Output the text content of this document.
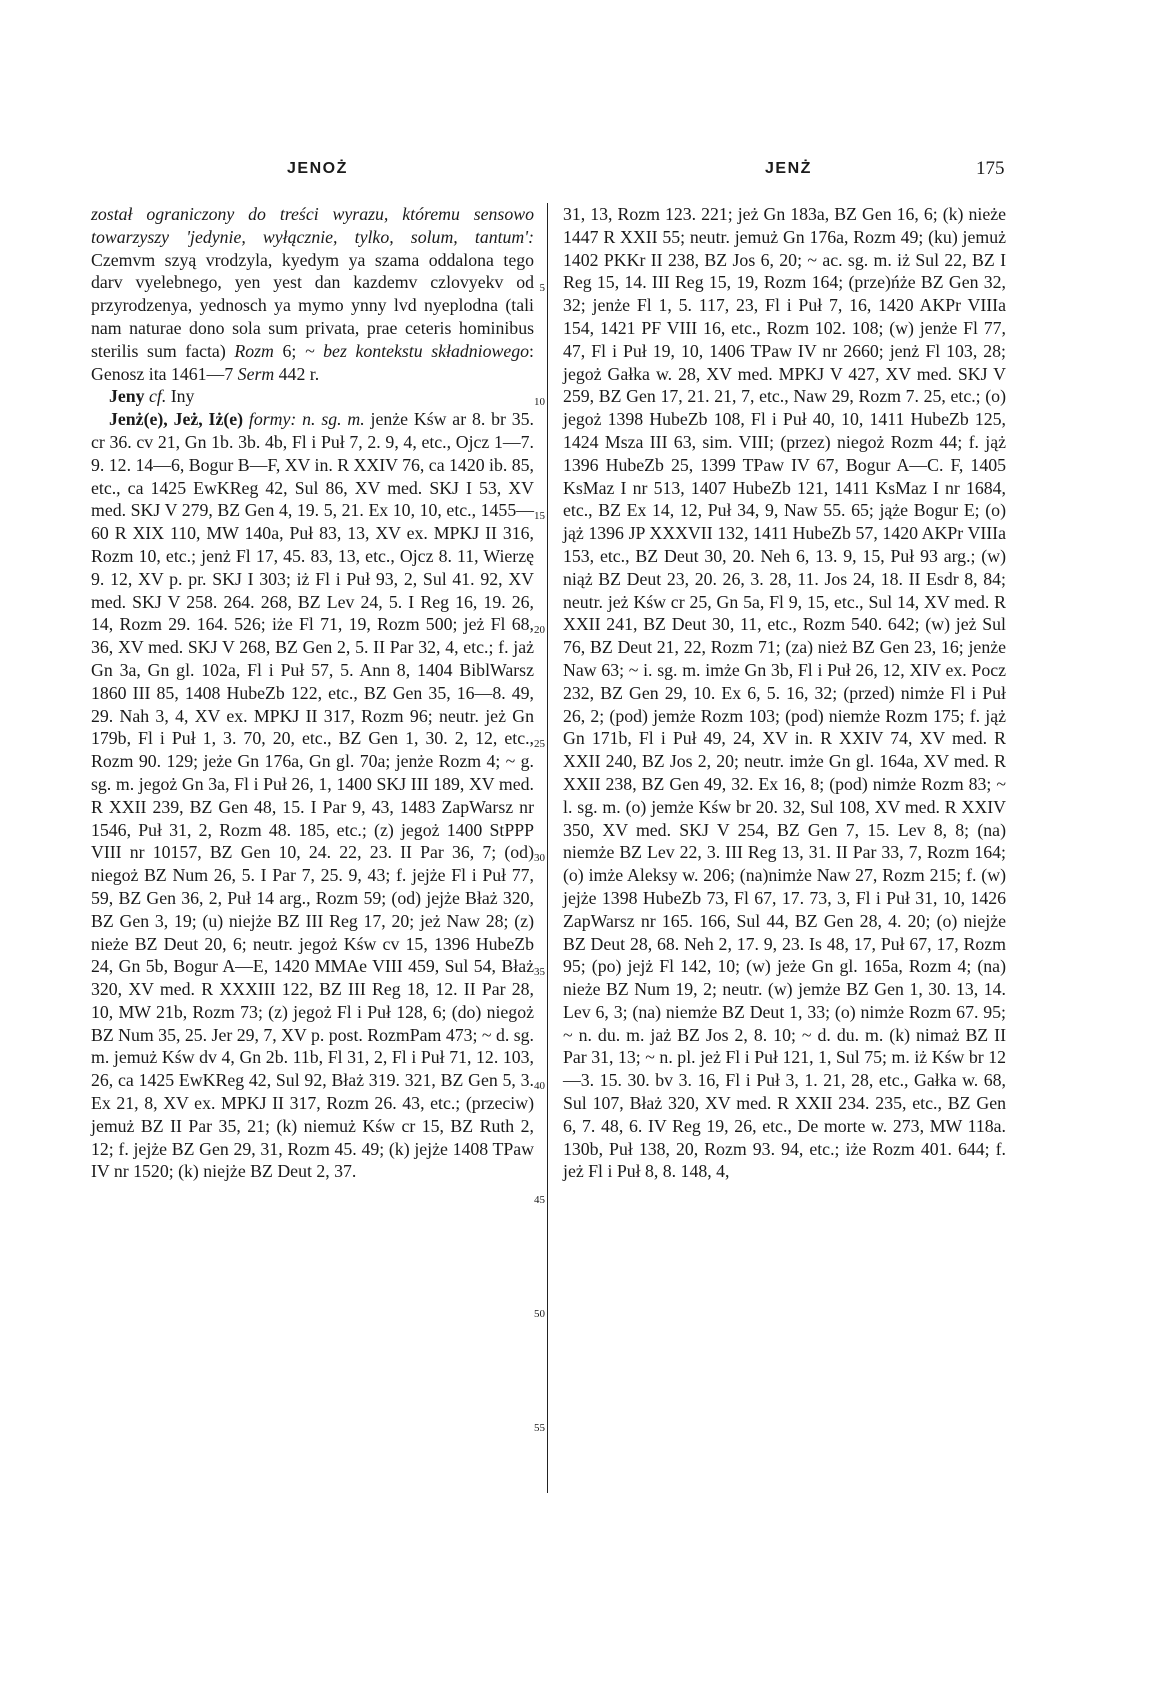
JENOŻ	JENŻ	175

został ograniczony do treści wyrazu, któremu sensowo towarzyszy 'jedynie, wyłącznie, tylko, solum, tantum': Czemvm szyą vrodzyla, kyedym ya szama oddalona tego darv vyelebnego, yen yest dan kazdemv czlovyekv od przyrodzenya, yednosch ya mymo ynny lvd nyeplodna (tali nam naturae dono sola sum privata, prae ceteris hominibus sterilis sum facta) Rozm 6; ~ bez kontekstu składniowego: Genosz ita 1461—7 Serm 442 r.

Jeny cf. Iny

Jenż(e), Jeż, Iż(e) formy: n. sg. m. jenże Kśw ar 8. br 35. cr 36. cv 21, Gn 1b. 3b. 4b, Fl i Puł 7, 2. 9, 4, etc., Ojcz 1—7. 9. 12. 14—6, Bogur B—F, XV in. R XXIV 76, ca 1420 ib. 85, etc., ca 1425 EwKReg 42, Sul 86, XV med. SKJ I 53, XV med. SKJ V 279, BZ Gen 4, 19. 5, 21. Ex 10, 10, etc., 1455—60 R XIX 110, MW 140a, Puł 83, 13, XV ex. MPKJ II 316, Rozm 10, etc.; jenż Fl 17, 45. 83, 13, etc., Ojcz 8. 11, Wierzę 9. 12, XV p. pr. SKJ I 303; iż Fl i Puł 93, 2, Sul 41. 92, XV med. SKJ V 258. 264. 268, BZ Lev 24, 5. I Reg 16, 19. 26, 14, Rozm 29. 164. 526; iże Fl 71, 19, Rozm 500; jeż Fl 68, 36, XV med. SKJ V 268, BZ Gen 2, 5. II Par 32, 4, etc.; f. jaż Gn 3a, Gn gl. 102a, Fl i Puł 57, 5. Ann 8, 1404 BiblWarsz 1860 III 85, 1408 HubeZb 122, etc., BZ Gen 35, 16—8. 49, 29. Nah 3, 4, XV ex. MPKJ II 317, Rozm 96; neutr. jeż Gn 179b, Fl i Puł 1, 3. 70, 20, etc., BZ Gen 1, 30. 2, 12, etc., Rozm 90. 129; jeże Gn 176a, Gn gl. 70a; jenże Rozm 4; ~ g. sg. m. jegoż Gn 3a, Fl i Puł 26, 1, 1400 SKJ III 189, XV med. R XXII 239, BZ Gen 48, 15. I Par 9, 43, 1483 ZapWarsz nr 1546, Puł 31, 2, Rozm 48. 185, etc.; (z) jegoż 1400 StPPP VIII nr 10157, BZ Gen 10, 24. 22, 23. II Par 36, 7; (od) niegoż BZ Num 26, 5. I Par 7, 25. 9, 43; f. jejże Fl i Puł 77, 59, BZ Gen 36, 2, Puł 14 arg., Rozm 59; (od) jejże Błaż 320, BZ Gen 3, 19; (u) niejże BZ III Reg 17, 20; jeż Naw 28; (z) nieże BZ Deut 20, 6; neutr. jegoż Kśw cv 15, 1396 HubeZb 24, Gn 5b, Bogur A—E, 1420 MMAe VIII 459, Sul 54, Błaż 320, XV med. R XXXIII 122, BZ III Reg 18, 12. II Par 28, 10, MW 21b, Rozm 73; (z) jegoż Fl i Puł 128, 6; (do) niegoż BZ Num 35, 25. Jer 29, 7, XV p. post. RozmPam 473; ~ d. sg. m. jemuż Kśw dv 4, Gn 2b. 11b, Fl 31, 2, Fl i Puł 71, 12. 103, 26, ca 1425 EwKReg 42, Sul 92, Błaż 319. 321, BZ Gen 5, 3. Ex 21, 8, XV ex. MPKJ II 317, Rozm 26. 43, etc.; (przeciw) jemuż BZ II Par 35, 21; (k) niemuż Kśw cr 15, BZ Ruth 2, 12; f. jejże BZ Gen 29, 31, Rozm 45. 49; (k) jejże 1408 TPaw IV nr 1520; (k) niejże BZ Deut 2, 37.

5
10
15
20
25
30
35
40
45
50
55

31, 13, Rozm 123. 221; jeż Gn 183a, BZ Gen 16, 6; (k) nieże 1447 R XXII 55; neutr. jemuż Gn 176a, Rozm 49; (ku) jemuż 1402 PKKr II 238, BZ Jos 6, 20; ~ ac. sg. m. iż Sul 22, BZ I Reg 15, 14. III Reg 15, 19, Rozm 164; (prze)ńże BZ Gen 32, 32; jenże Fl 1, 5. 117, 23, Fl i Puł 7, 16, 1420 AKPr VIIIa 154, 1421 PF VIII 16, etc., Rozm 102. 108; (w) jenże Fl 77, 47, Fl i Puł 19, 10, 1406 TPaw IV nr 2660; jenż Fl 103, 28; jegoż Gałka w. 28, XV med. MPKJ V 427, XV med. SKJ V 259, BZ Gen 17, 21. 21, 7, etc., Naw 29, Rozm 7. 25, etc.; (o) jegoż 1398 HubeZb 108, Fl i Puł 40, 10, 1411 HubeZb 125, 1424 Msza III 63, sim. VIII; (przez) niegoż Rozm 44; f. jąż 1396 HubeZb 25, 1399 TPaw IV 67, Bogur A—C. F, 1405 KsMaz I nr 513, 1407 HubeZb 121, 1411 KsMaz I nr 1684, etc., BZ Ex 14, 12, Puł 34, 9, Naw 55. 65; jąże Bogur E; (o) jąż 1396 JP XXXVII 132, 1411 HubeZb 57, 1420 AKPr VIIIa 153, etc., BZ Deut 30, 20. Neh 6, 13. 9, 15, Puł 93 arg.; (w) niąż BZ Deut 23, 20. 26, 3. 28, 11. Jos 24, 18. II Esdr 8, 84; neutr. jeż Kśw cr 25, Gn 5a, Fl 9, 15, etc., Sul 14, XV med. R XXII 241, BZ Deut 30, 11, etc., Rozm 540. 642; (w) jeż Sul 76, BZ Deut 21, 22, Rozm 71; (za) nież BZ Gen 23, 16; jenże Naw 63; ~ i. sg. m. imże Gn 3b, Fl i Puł 26, 12, XIV ex. Pocz 232, BZ Gen 29, 10. Ex 6, 5. 16, 32; (przed) nimże Fl i Puł 26, 2; (pod) jemże Rozm 103; (pod) niemże Rozm 175; f. jąż Gn 171b, Fl i Puł 49, 24, XV in. R XXIV 74, XV med. R XXII 240, BZ Jos 2, 20; neutr. imże Gn gl. 164a, XV med. R XXII 238, BZ Gen 49, 32. Ex 16, 8; (pod) nimże Rozm 83; ~ l. sg. m. (o) jemże Kśw br 20. 32, Sul 108, XV med. R XXIV 350, XV med. SKJ V 254, BZ Gen 7, 15. Lev 8, 8; (na) niemże BZ Lev 22, 3. III Reg 13, 31. II Par 33, 7, Rozm 164; (o) imże Aleksy w. 206; (na)nimże Naw 27, Rozm 215; f. (w) jejże 1398 HubeZb 73, Fl 67, 17. 73, 3, Fl i Puł 31, 10, 1426 ZapWarsz nr 165. 166, Sul 44, BZ Gen 28, 4. 20; (o) niejże BZ Deut 28, 68. Neh 2, 17. 9, 23. Is 48, 17, Puł 67, 17, Rozm 95; (po) jejż Fl 142, 10; (w) jeże Gn gl. 165a, Rozm 4; (na) nieże BZ Num 19, 2; neutr. (w) jemże BZ Gen 1, 30. 13, 14. Lev 6, 3; (na) niemże BZ Deut 1, 33; (o) nimże Rozm 67. 95; ~ n. du. m. jaż BZ Jos 2, 8. 10; ~ d. du. m. (k) nimaż BZ II Par 31, 13; ~ n. pl. jeż Fl i Puł 121, 1, Sul 75; m. iż Kśw br 12—3. 15. 30. bv 3. 16, Fl i Puł 3, 1. 21, 28, etc., Gałka w. 68, Sul 107, Błaż 320, XV med. R XXII 234. 235, etc., BZ Gen 6, 7. 48, 6. IV Reg 19, 26, etc., De morte w. 273, MW 118a. 130b, Puł 138, 20, Rozm 93. 94, etc.; iże Rozm 401. 644; f. jeż Fl i Puł 8, 8. 148, 4,
